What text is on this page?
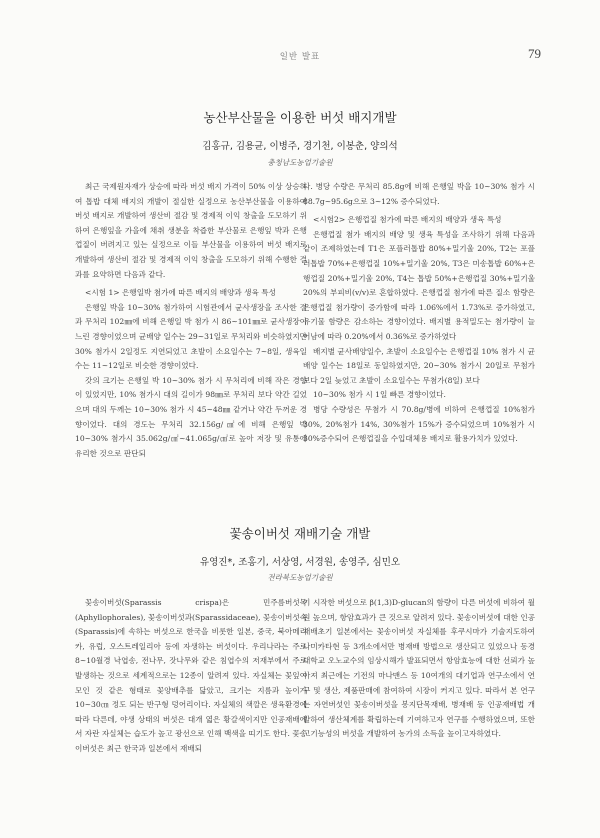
일반 발표	79
농산부산물을 이용한 버섯 배지개발
김홍규, 김용균, 이병주, 경기천, 이봉춘, 양의석
충청남도농업기술원

최근 국제원자재가 상승에 따라 버섯 배지 가격이 50% 이상 상승하여 톱밥 대체 배지의 개발이 절실한 실정으로 농산부산물을 이용하여 버섯 배지로 개발하여 생산비 절감 및 경제적 이익 창출을 도모하기 위하여 은행잎을 가을에 채취 생분을 착즙한 부산물로 은행잎 박과 은행껍질이 버려지고 있는 실정으로 이들 부산물을 이용하여 버섯 배지로 개발하여 생산비 절감 및 경제적 이익 창출을 도모하기 위해 수행한 결과를 요약하면 다음과 같다.

<시험 1> 은행일박 첨가에 따른 배지의 배양과 생육 특성

은행잎 박을 10~30% 첨가하여 시험관에서 균사생장을 조사한 결과 무처리 102㎜에 비해 은행일 박 첨가 시 86~101㎜로 균사생장이 느린 경향이었으며 균배양 일수는 29~31일로 무처리와 비슷하였지만 30% 첨가시 2일정도 지연되었고 초발이 소요일수는 7~8일, 생육일수는 11~12일로 비슷한 경향이었다.

갓의 크기는 은행잎 박 10~30% 첨가 시 무처리에 비해 작은 경향이 있었지만, 10% 첨가시 대의 길이가 98㎜로 무처리 보다 약간 길었으며 대의 두께는 10~30% 첨가 시 45~48㎜ 같거나 약간 두꺼운 경향이었다. 대의 경도는 무처리 32.156g/㎠에 비해 은행잎 박 10~30% 첨가시 35.062g/㎠~41.065g/㎠로 높아 저장 및 유통에 유리한 것으로 판단되

다. 병당 수량은 무처리 85.8g에 비해 은행잎 박을 10~30% 첨가 시 88.7g~95.6g으로 3~12% 증수되었다.

<시험2> 은행껍질 첨가에 따른 배지의 배양과 생육 특성

은행껍질 첨가 배지의 배양 및 생육 특성을 조사하기 위해 다음과 같이 조제하였는데 T1은 포플러톱밥 80%+밀기울 20%, T2는 포플러톱밥 70%+은행껍질 10%+밀기울 20%, T3은 미송톱밥 60%+은행껍질 20%+밀기울 20%, T4는 톱밥 50%+은행껍질 30%+밀기울 20%의 부피비(v/v)로 혼합하였다. 은행껍질 첨가에 따른 질소 함량은 은행껍질 첨가량이 증가함에 따라 1.06%에서 1.73%로 증가하였고, 유기물 함량은 감소하는 경향이었다. 배지별 용적밀도는 첨가량이 늘어남에 따라 0.20%에서 0.36%로 증가하였다

배지별 균사배양일수, 초발이 소요일수는 은행껍질 10% 첨가 시 균배양 일수는 18일로 동일하였지만, 20~30% 첨가시 20일로 무첨가 보다 2일 늦었고 초발이 소요일수는 무첨가(8일) 보다

10~30% 첨가 시 1일 빠른 경향이었다.

병당 수량성은 무첨가 시 70.8g/병에 비하여 은행껍질 10%첨가 30%, 20%첨가 14%, 30%첨가 15%가 증수되었으며 10%첨가 시 30%증수되어 은행껍질을 수입대체용 배지로 활용가치가 있었다.

꽃송이버섯 재배기술 개발
유영진*, 조홍기, 서상영, 서경원, 송영주, 심민오
전라북도농업기술원

꽃송이버섯(Sparassis crispa)은 민주름버섯목(Aphyllophorales), 꽃송이버섯과(Sparassidaceae), 꽃송이버섯속(Sparassis)에 속하는 버섯으로 한국을 비롯한 일본, 중국, 북아메리카, 유럽, 오스트레일리아 등에 자생하는 버섯이다. 우리나라는 주로 8~10월경 낙엽송, 전나무, 잣나무와 같은 침엽수의 저재부에서 주로 발생하는 것으로 세계적으로는 12종이 알려져 있다. 자실체는 꽃잎이 모인 것 같은 형태로 꽃양배추를 닮았고, 크기는 지름과 높이가 10~30㎝ 정도 되는 반구형 덩어리이다. 자실체의 색깔은 생육환경에 따라 다른데, 야생 상태의 버섯은 대개 엷은 황갈색이지만 인공재배에서 자란 자실체는 습도가 높고 광선으로 인해 백색을 띠기도 한다. 꽃송이버섯은 최근 한국과 일본에서 재배되

기 시작한 버섯으로 β(1,3)D-glucan의 함량이 다른 버섯에 비하여 월원 높으며, 항암효과가 큰 것으로 알려져 있다. 꽃송이버섯에 대한 인공재배초기 일본에서는 꽃송이버섯 자실체를 후쿠시마가 기술지도하여 나미카타현 등 3개소에서만 병재배 방법으로 생산되고 있었으나 동경대학교 오노교수의 임상시해가 발표되면서 항암효능에 대한 선뢰가 높아져 최근에는 기전의 마나맨스 등 10여개의 대기업과 연구소에서 연구 및 생산, 제품판매에 참여하여 시장이 커지고 있다. 따라서 본 연구는 자연버섯인 꽃송이버섯을 봉지단목재배, 병재배 등 인공재배법 개발하여 생산체계를 확립하는데 기여하고자 연구를 수행하였으며, 또한 고기능성의 버섯을 개발하여 농가의 소득을 높이고자하였다.
